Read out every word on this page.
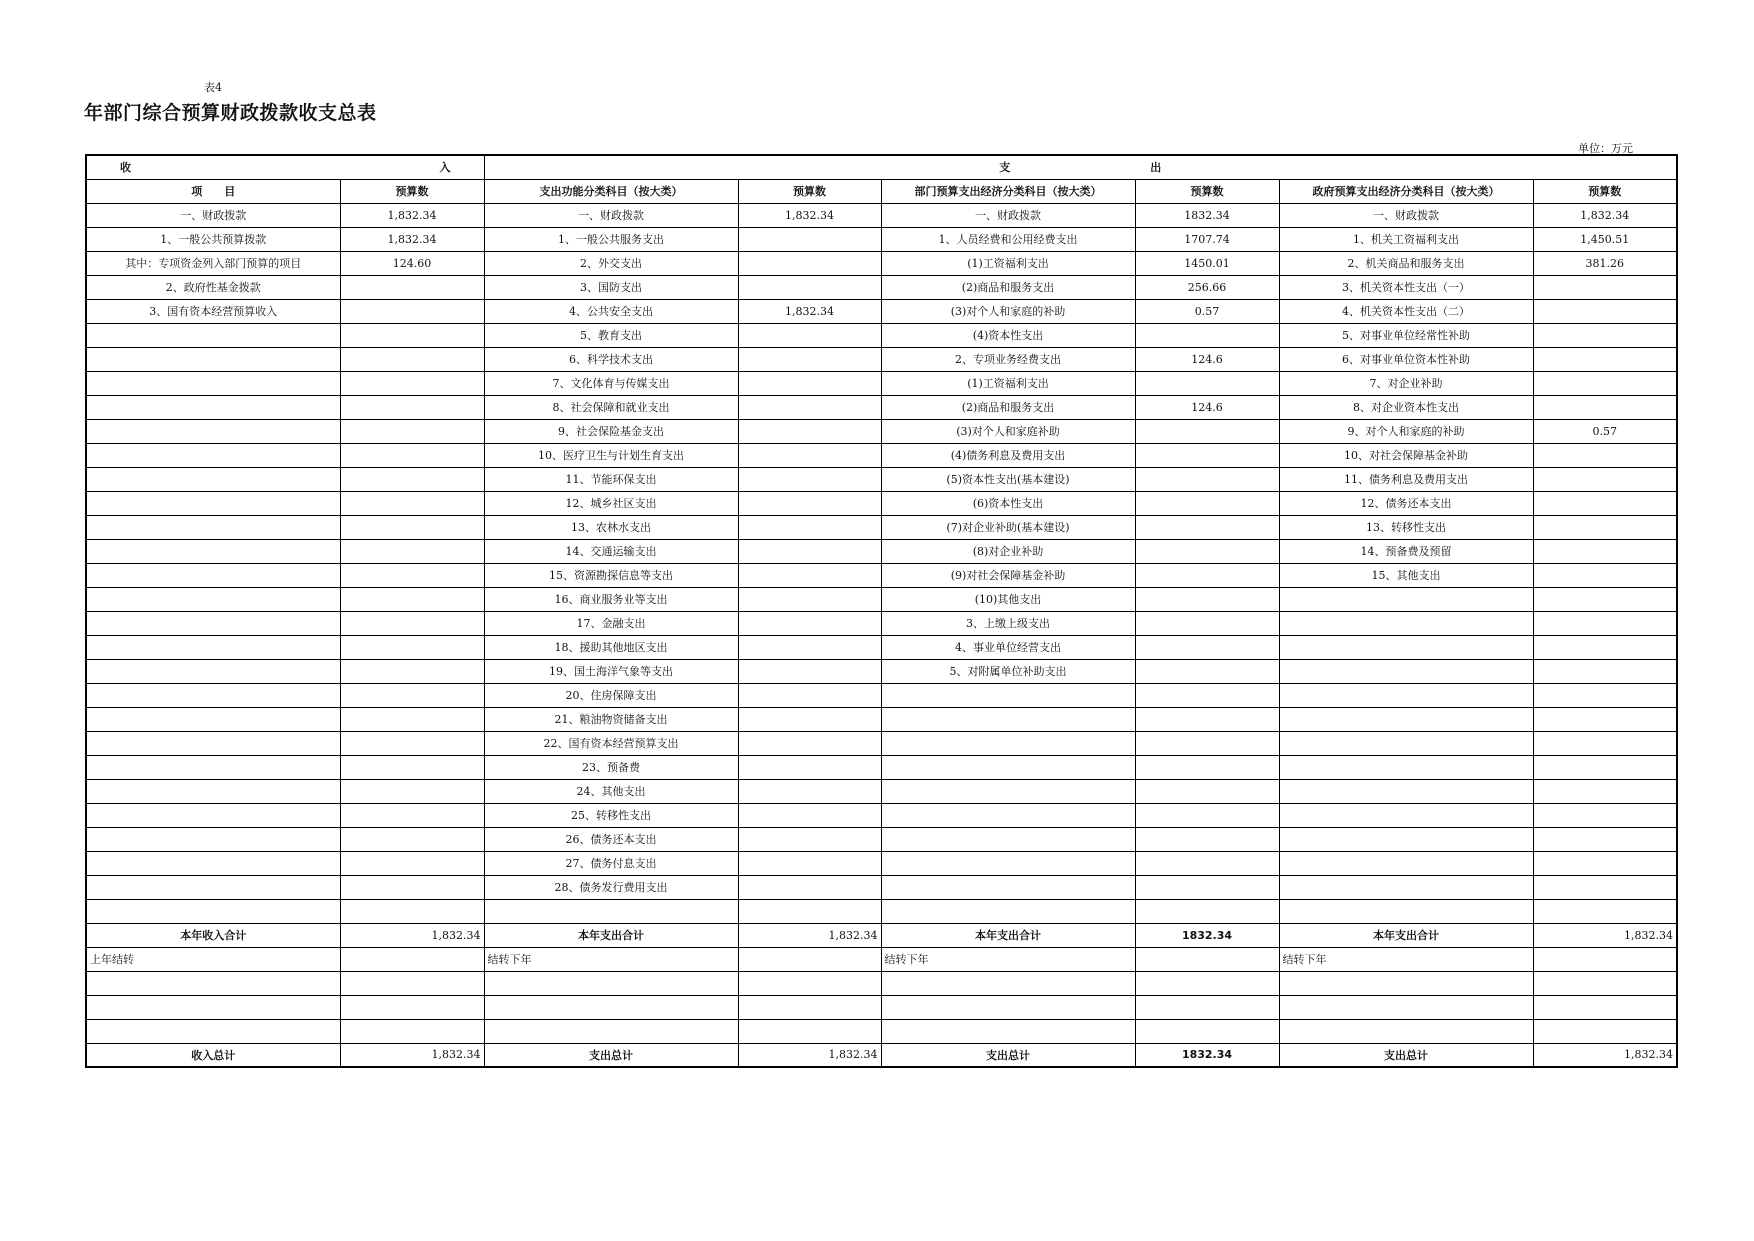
表4
年部门综合预算财政拨款收支总表
单位：万元
收 入		支 出					

项　　目	预算数	支出功能分类科目（按大类）	预算数	部门预算支出经济分类科目（按大类）	预算数	政府预算支出经济分类科目（按大类）	预算数
一、财政拨款	1,832.34	一、财政拨款	1,832.34	一、财政拨款	1832.34	一、财政拨款	1,832.34
1、一般公共预算拨款	1,832.34	1、一般公共服务支出		1、人员经费和公用经费支出	1707.74	1、机关工资福利支出	1,450.51
其中：专项资金列入部门预算的项目	124.60	2、外交支出		(1)工资福利支出	1450.01	2、机关商品和服务支出	381.26
2、政府性基金拨款		3、国防支出		(2)商品和服务支出	256.66	3、机关资本性支出（一）	
3、国有资本经营预算收入		4、公共安全支出	1,832.34	(3)对个人和家庭的补助	0.57	4、机关资本性支出（二）	
		5、教育支出		(4)资本性支出		5、对事业单位经常性补助	
		6、科学技术支出		2、专项业务经费支出	124.6	6、对事业单位资本性补助	
		7、文化体育与传媒支出		(1)工资福利支出		7、对企业补助	
		8、社会保障和就业支出		(2)商品和服务支出	124.6	8、对企业资本性支出	
		9、社会保险基金支出		(3)对个人和家庭补助		9、对个人和家庭的补助	0.57
		10、医疗卫生与计划生育支出		(4)债务利息及费用支出		10、对社会保障基金补助	
		11、节能环保支出		(5)资本性支出(基本建设)		11、债务利息及费用支出	
		12、城乡社区支出		(6)资本性支出		12、债务还本支出	
		13、农林水支出		(7)对企业补助(基本建设)		13、转移性支出	
		14、交通运输支出		(8)对企业补助		14、预备费及预留	
		15、资源勘探信息等支出		(9)对社会保障基金补助		15、其他支出	
		16、商业服务业等支出		(10)其他支出			
		17、金融支出		3、上缴上级支出			
		18、援助其他地区支出		4、事业单位经营支出			
		19、国土海洋气象等支出		5、对附属单位补助支出			
		20、住房保障支出					
		21、粮油物资储备支出					
		22、国有资本经营预算支出					
		23、预备费					
		24、其他支出					
		25、转移性支出					
		26、债务还本支出					
		27、债务付息支出					
		28、债务发行费用支出					

本年收入合计	1,832.34	本年支出合计	1,832.34	本年支出合计	1832.34	本年支出合计	1,832.34
上年结转		结转下年		结转下年		结转下年	

收入总计	1,832.34	支出总计	1,832.34	支出总计	1832.34	支出总计	1,832.34
